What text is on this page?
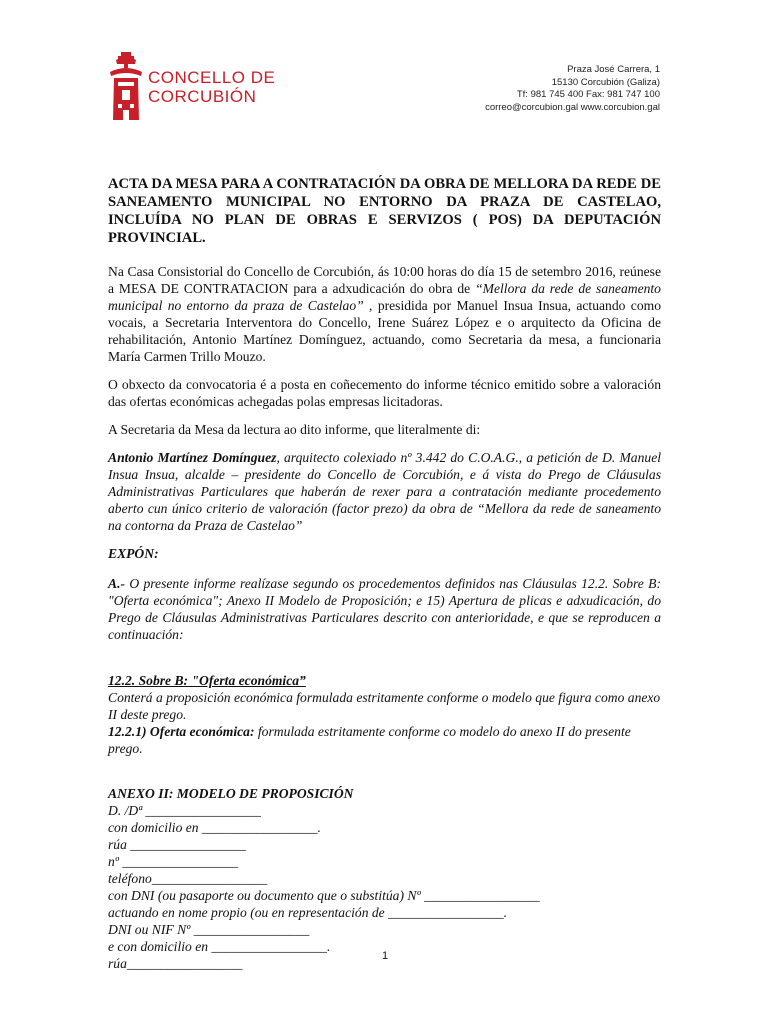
CONCELLO DE
CORCUBIÓN
Praza José Carrera, 1
15130 Corcubión (Galiza)
Tf: 981 745 400 Fax: 981 747 100
correo@corcubion.gal www.corcubion.gal
ACTA DA MESA PARA A CONTRATACIÓN DA OBRA DE MELLORA DA REDE DE SANEAMENTO MUNICIPAL NO ENTORNO DA PRAZA DE CASTELAO, INCLUÍDA NO PLAN DE OBRAS E SERVIZOS ( POS) DA DEPUTACIÓN PROVINCIAL.

Na Casa Consistorial do Concello de Corcubión, ás 10:00 horas do día 15 de setembro 2016, reúnese a MESA DE CONTRATACION para a adxudicación do obra de “Mellora da rede de saneamento municipal no entorno da praza de Castelao” , presidida por Manuel Insua Insua, actuando como vocais, a Secretaria Interventora do Concello, Irene Suárez López e o arquitecto da Oficina de rehabilitación, Antonio Martínez Domínguez, actuando, como Secretaria da mesa, a funcionaria María Carmen Trillo Mouzo.

O obxecto da convocatoria é a posta en coñecemento do informe técnico emitido sobre a valoración das ofertas económicas achegadas polas empresas licitadoras.

A Secretaria da Mesa da lectura ao dito informe, que literalmente di:

Antonio Martínez Domínguez, arquitecto colexiado nº 3.442 do C.O.A.G., a petición de D. Manuel Insua Insua, alcalde – presidente do Concello de Corcubión, e á vista do Prego de Cláusulas Administrativas Particulares que haberán de rexer para a contratación mediante procedemento aberto cun único criterio de valoración (factor prezo) da obra de “Mellora da rede de saneamento na contorna da Praza de Castelao”

EXPÓN:

A.- O presente informe realízase segundo os procedementos definidos nas Cláusulas 12.2. Sobre B: "Oferta económica"; Anexo II Modelo de Proposición; e 15) Apertura de plicas e adxudicación, do Prego de Cláusulas Administrativas Particulares descrito con anterioridade, e que se reproducen a continuación:

12.2. Sobre B: "Oferta económica”
Conterá a proposición económica formulada estritamente conforme o modelo que figura como anexo II deste prego.
12.2.1) Oferta económica: formulada estritamente conforme co modelo do anexo II do presente prego.
ANEXO II: MODELO DE PROPOSICIÓN
D. /Dª _________________
con domicilio en _________________.
rúa _________________
nº _________________
teléfono_________________
con DNI (ou pasaporte ou documento que o substitúa) Nº _________________
actuando en nome propio (ou en representación de _________________.
DNI ou NIF Nº _________________
e con domicilio en _________________.
rúa_________________	1
